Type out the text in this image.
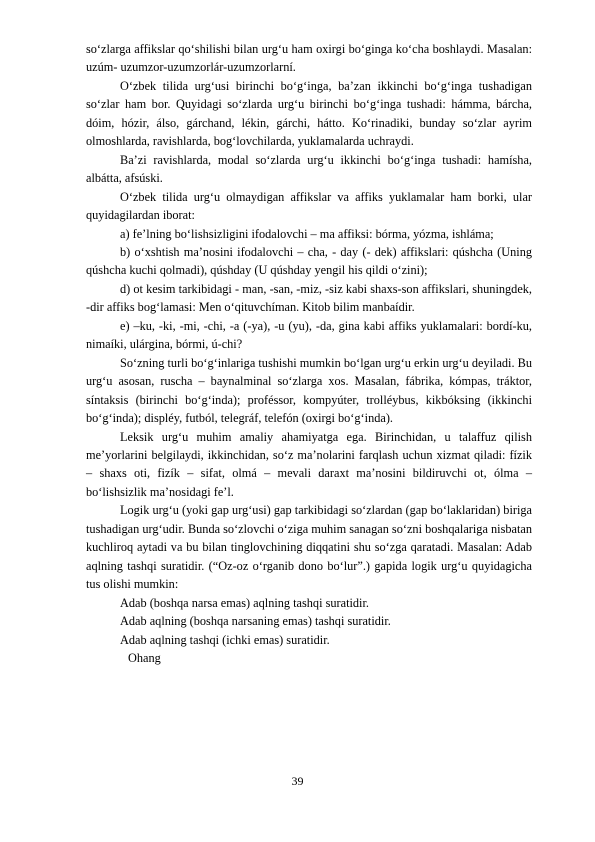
so‘zlarga affikslar qo‘shilishi bilan urg‘u ham oxirgi bo‘ginga ko‘cha boshlaydi. Masalan: uzúm- uzumzor-uzumzorlár-uzumzorlarní.

O‘zbek tilida urg‘usi birinchi bo‘g‘inga, ba’zan ikkinchi bo‘g‘inga tushadigan so‘zlar ham bor. Quyidagi so‘zlarda urg‘u birinchi bo‘g‘inga tushadi: hámma, bárcha, dóim, hózir, álso, gárchand, lékin, gárchi, hátto. Ko‘rinadiki, bunday so‘zlar ayrim olmoshlarda, ravishlarda, bog‘lovchilarda, yuklamalarda uchraydi.

Ba’zi ravishlarda, modal so‘zlarda urg‘u ikkinchi bo‘g‘inga tushadi: hamíshа, albátta, afsúski.

O‘zbek tilida urg‘u olmaydigan affikslar va affiks yuklamalar ham borki, ular quyidagilardan iborat:

a) fe’lning bo‘lishsizligini ifodalovchi – ma affiksi: bórma, yózma, ishláma;

b) o‘xshtish ma’nosini ifodalovchi – cha, - day (- dek) affikslari: qúshcha (Uning qúshcha kuchi qolmadi), qúshday (U qúshday yengil his qildi o‘zini);

d) ot kesim tarkibidagi - man, -san, -miz, -siz kabi shaxs-son affikslari, shuningdek, -dir affiks bog‘lamasi: Men o‘qituvchíman. Kitob bilim manbaídir.

e) –ku, -ki, -mi, -chi, -a (-ya), -u (yu), -da, gina kabi affiks yuklamalari: bordí-ku, nimaíki, ulárgina, bórmi, ú-chi?

So‘zning turli bo‘g‘inlariga tushishi mumkin bo‘lgan urg‘u erkin urg‘u deyiladi. Bu urg‘u asosan, ruscha – baynalminal so‘zlarga xos. Masalan, fábrika, kómpas, tráktor, síntaksis (birinchi bo‘g‘inda); proféssor, kompyúter, trolléybus, kikbóksing (ikkinchi bo‘g‘inda); displéy, futból, telegráf, telefón (oxirgi bo‘g‘inda).

Leksik urg‘u muhim amaliy ahamiyatga ega. Birinchidan, u talaffuz qilish me’yorlarini belgilaydi, ikkinchidan, so‘z ma’nolarini farqlash uchun xizmat qiladi: fízik – shaxs oti, fizík – sifat, olmá – mevali daraxt ma’nosini bildiruvchi ot, ólma – bo‘lishsizlik ma’nosidagi fe’l.

Logik urg‘u (yoki gap urg‘usi) gap tarkibidagi so‘zlardan (gap bo‘laklaridan) biriga tushadigan urg‘udir. Bunda so‘zlovchi o‘ziga muhim sanagan so‘zni boshqalariga nisbatan kuchliroq aytadi va bu bilan tinglovchining diqqatini shu so‘zga qaratadi. Masalan: Adab aqlning tashqi suratidir. (“Oz-oz o‘rganib dono bo‘lur”.) gapida logik urg‘u quyidagicha tus olishi mumkin:

Adab (boshqa narsa emas) aqlning tashqi suratidir.

Adab aqlning (boshqa narsaning emas) tashqi suratidir.

Adab aqlning tashqi (ichki emas) suratidir.

Ohang

39
